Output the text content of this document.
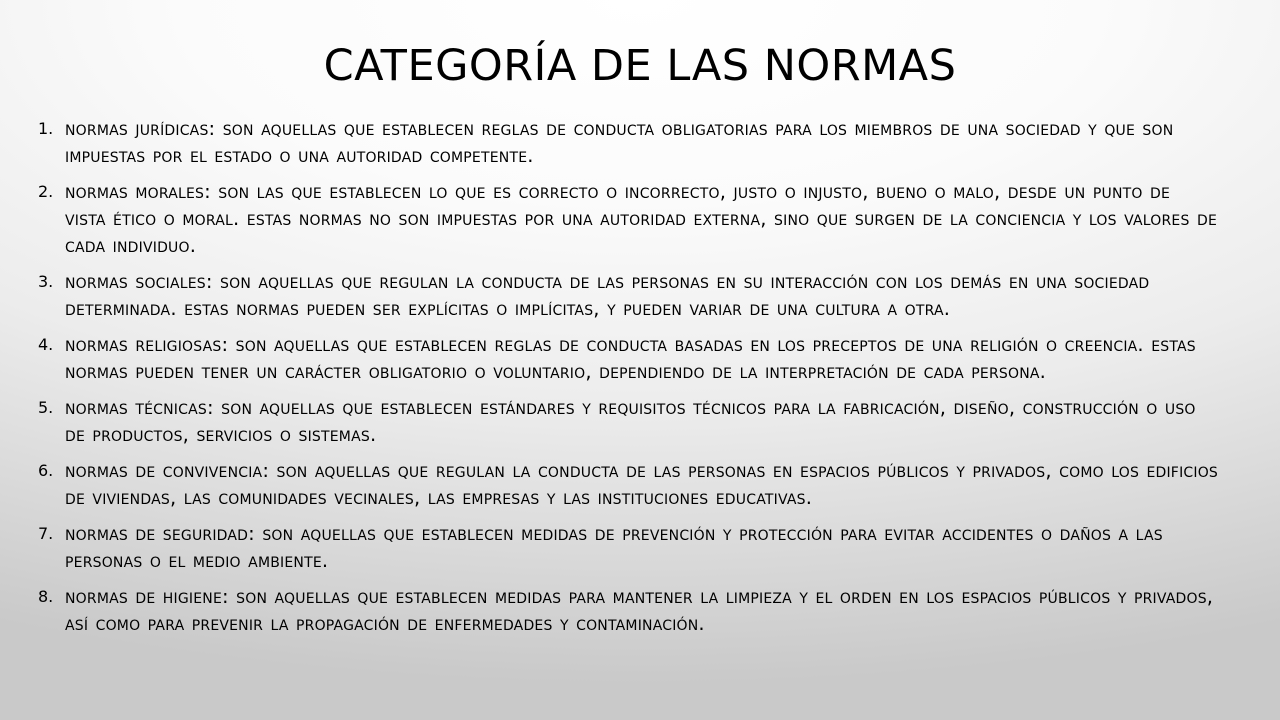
CATEGORÍA DE LAS NORMAS
1. normas jurídicas: son aquellas que establecen reglas de conducta obligatorias para los miembros de una sociedad y que son impuestas por el estado o una autoridad competente.
2. normas morales: son las que establecen lo que es correcto o incorrecto, justo o injusto, bueno o malo, desde un punto de vista ético o moral. estas normas no son impuestas por una autoridad externa, sino que surgen de la conciencia y los valores de cada individuo.
3. normas sociales: son aquellas que regulan la conducta de las personas en su interacción con los demás en una sociedad determinada. estas normas pueden ser explícitas o implícitas, y pueden variar de una cultura a otra.
4. normas religiosas: son aquellas que establecen reglas de conducta basadas en los preceptos de una religión o creencia. estas normas pueden tener un carácter obligatorio o voluntario, dependiendo de la interpretación de cada persona.
5. normas técnicas: son aquellas que establecen estándares y requisitos técnicos para la fabricación, diseño, construcción o uso de productos, servicios o sistemas.
6. normas de convivencia: son aquellas que regulan la conducta de las personas en espacios públicos y privados, como los edificios de viviendas, las comunidades vecinales, las empresas y las instituciones educativas.
7. normas de seguridad: son aquellas que establecen medidas de prevención y protección para evitar accidentes o daños a las personas o el medio ambiente.
8. normas de higiene: son aquellas que establecen medidas para mantener la limpieza y el orden en los espacios públicos y privados, así como para prevenir la propagación de enfermedades y contaminación.
